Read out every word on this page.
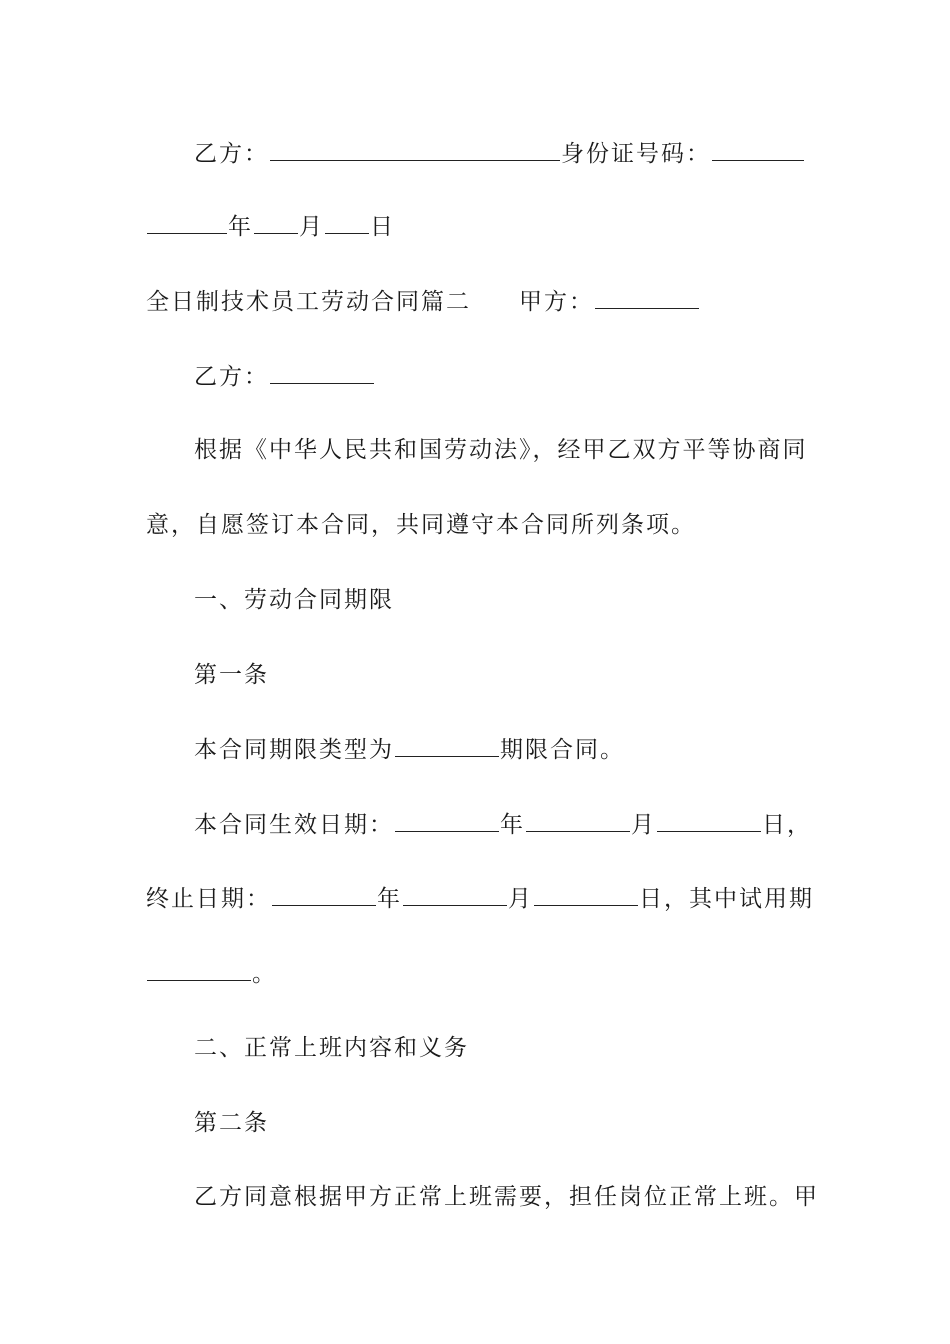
乙方：	身份证号码：
年 月 日
全日制技术员工劳动合同篇二 甲方：
乙方：
根据《中华人民共和国劳动法》，经甲乙双方平等协商同
意，自愿签订本合同，共同遵守本合同所列条项。
一、劳动合同期限
第一条
本合同期限类型为	期限合同。
本合同生效日期：	年	月	日，
终止日期：	年	月	日，其中试用期
。
二、正常上班内容和义务
第二条
乙方同意根据甲方正常上班需要，担任岗位正常上班。甲
